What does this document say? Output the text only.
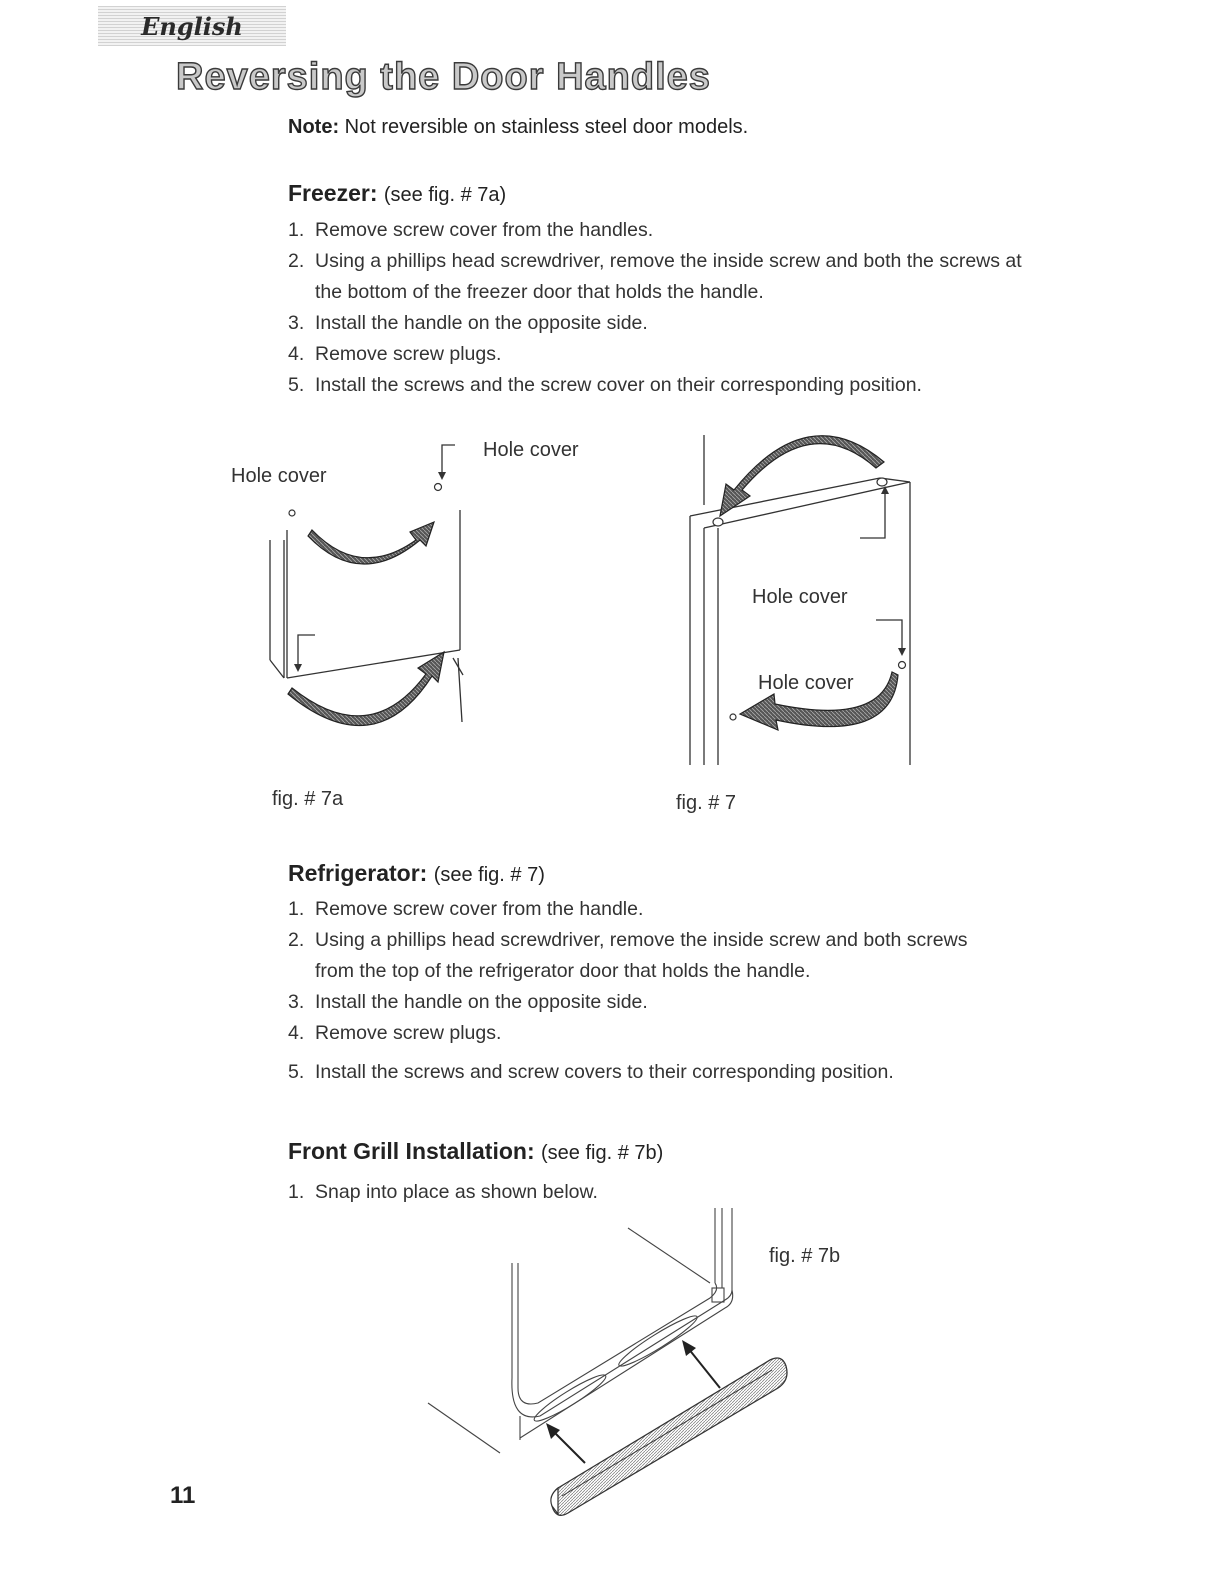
English
Reversing the Door Handles
Note: Not reversible on stainless steel door models.
Freezer: (see fig. # 7a)
1. Remove screw cover from the handles.
2. Using a phillips head screwdriver, remove the inside screw and both the screws at the bottom of the freezer door that holds the handle.
3. Install the handle on the opposite side.
4. Remove screw plugs.
5. Install the screws and the screw cover on their corresponding position.
Hole cover
Hole cover
fig. # 7a
Hole cover
Hole cover
fig. # 7
Refrigerator: (see fig. # 7)
1. Remove screw cover from the handle.
2. Using a phillips head screwdriver, remove the inside screw and both screws from the top of the refrigerator door that holds the handle.
3. Install the handle on the opposite side.
4. Remove screw plugs.
5. Install the screws and screw covers to their corresponding position.
Front Grill Installation: (see fig. # 7b)
1. Snap into place as shown below.
fig. # 7b
11
